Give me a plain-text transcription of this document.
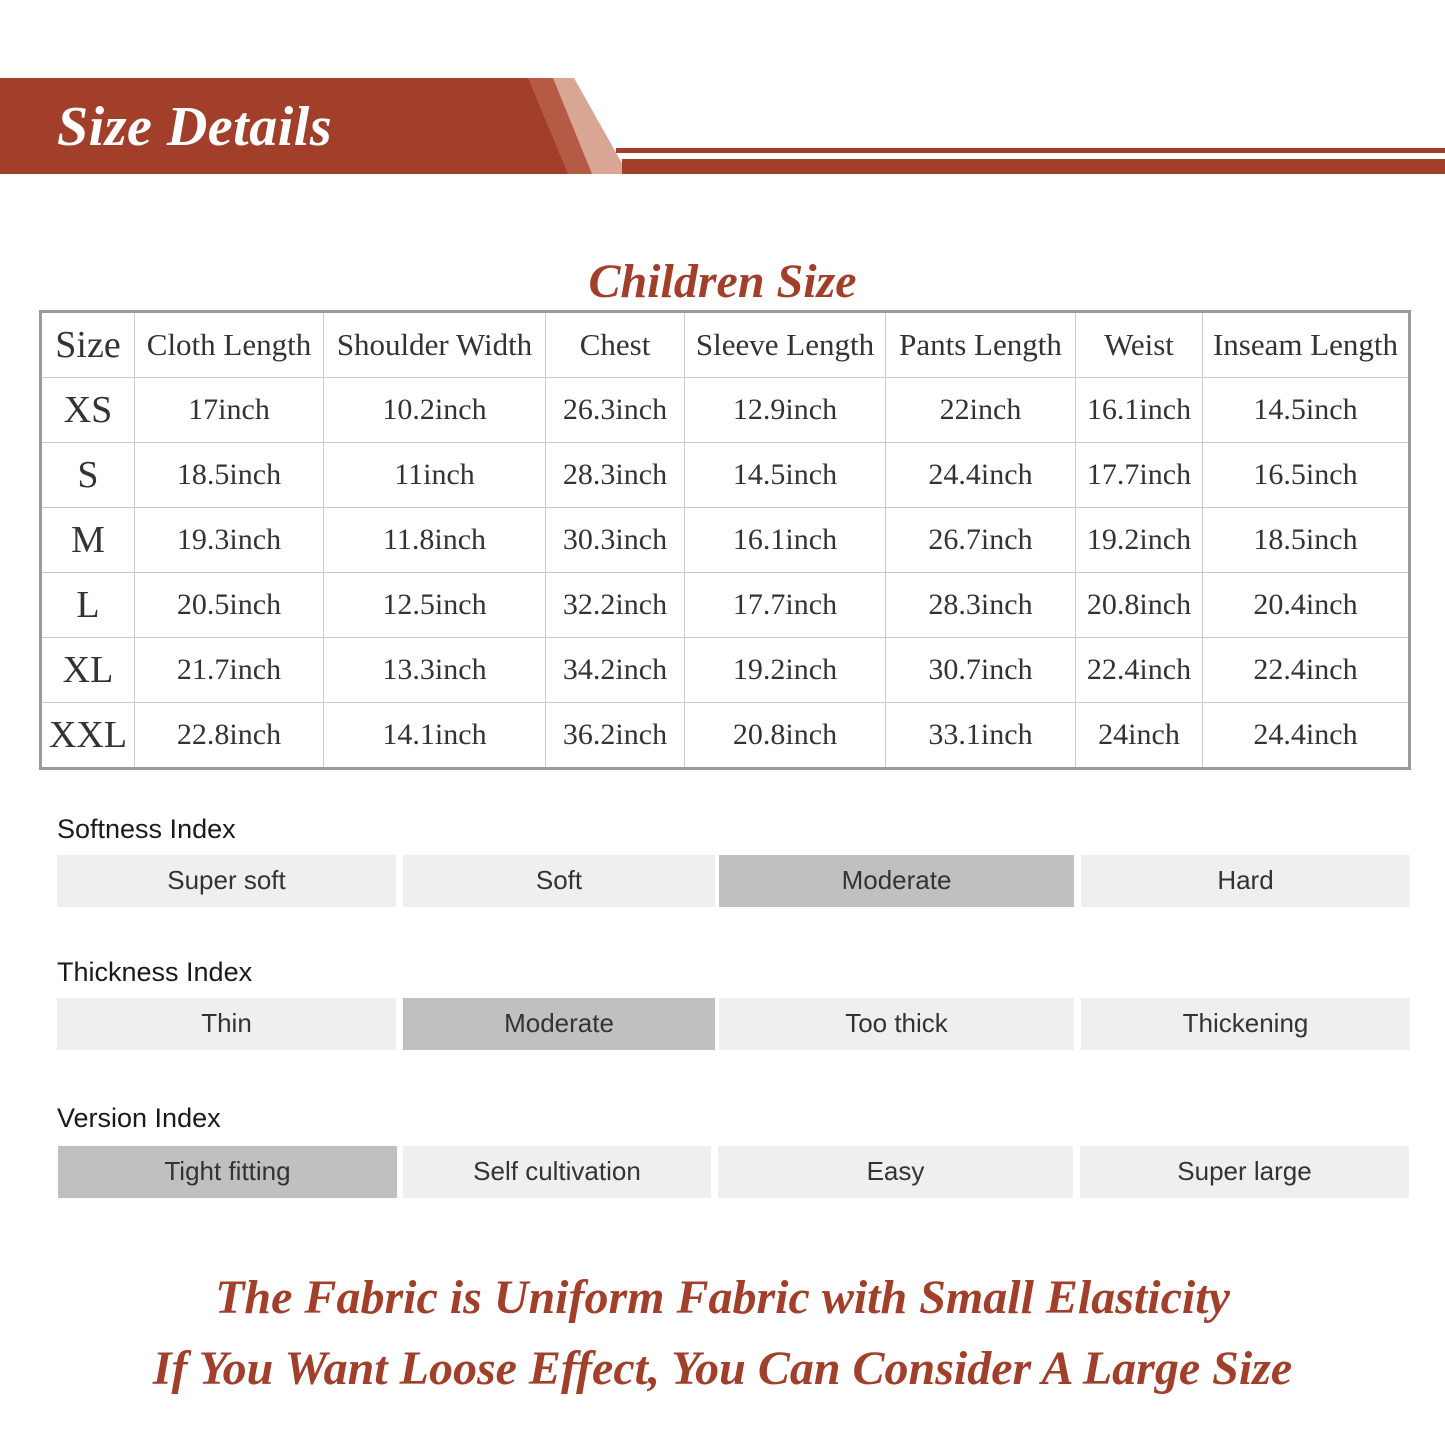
Size Details
Children Size
Size	Cloth Length	Shoulder Width	Chest	Sleeve Length	Pants Length	Weist	Inseam Length
XS	17inch	10.2inch	26.3inch	12.9inch	22inch	16.1inch	14.5inch
S	18.5inch	11inch	28.3inch	14.5inch	24.4inch	17.7inch	16.5inch
M	19.3inch	11.8inch	30.3inch	16.1inch	26.7inch	19.2inch	18.5inch
L	20.5inch	12.5inch	32.2inch	17.7inch	28.3inch	20.8inch	20.4inch
XL	21.7inch	13.3inch	34.2inch	19.2inch	30.7inch	22.4inch	22.4inch
XXL	22.8inch	14.1inch	36.2inch	20.8inch	33.1inch	24inch	24.4inch
Softness Index
Super soft	Soft	Moderate	Hard
Thickness Index
Thin	Moderate	Too thick	Thickening
Version Index
Tight fitting	Self cultivation	Easy	Super large
The Fabric is Uniform Fabric with Small Elasticity
If You Want Loose Effect, You Can Consider A Large Size
